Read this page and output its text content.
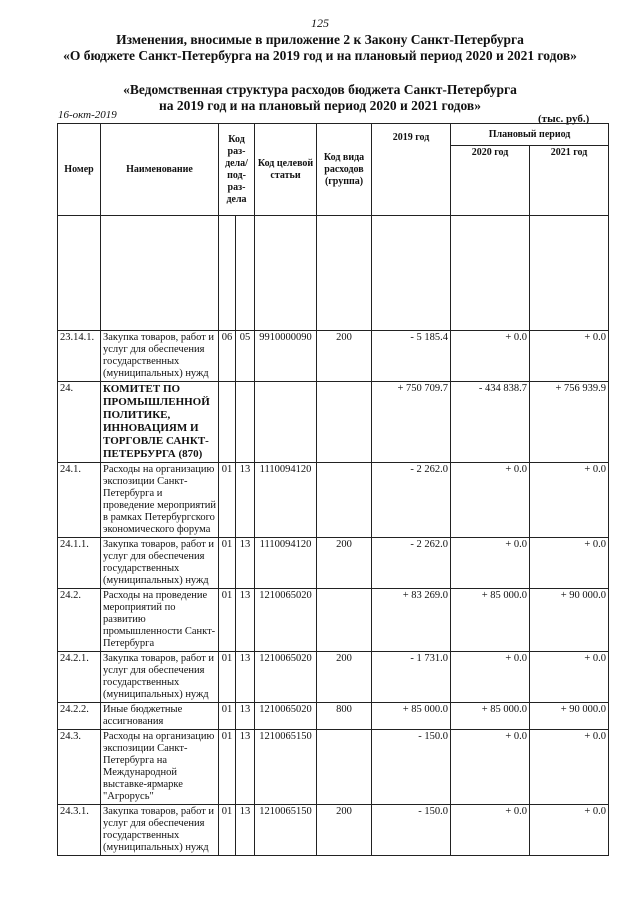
125
Изменения, вносимые в приложение 2 к Закону Санкт-Петербурга
«О бюджете Санкт-Петербурга на 2019 год и на плановый период 2020 и 2021 годов»
«Ведомственная структура расходов бюджета Санкт-Петербурга
на 2019 год и на плановый период 2020 и 2021 годов»
16-окт-2019	(тыс. руб.)
Номер	Наименование	Код раз-дела/ под-раз-дела		Код целевой статьи	Код вида расходов (группа)	2019 год	Плановый период	
							2020 год	2021 год

23.14.1.	Закупка товаров, работ и услуг для обеспечения государственных (муниципальных) нужд	06	05	9910000090	200	- 5 185.4	+ 0.0	+ 0.0
24.	КОМИТЕТ ПО ПРОМЫШЛЕННОЙ ПОЛИТИКЕ, ИННОВАЦИЯМ И ТОРГОВЛЕ САНКТ-ПЕТЕРБУРГА (870)					+ 750 709.7	- 434 838.7	+ 756 939.9
24.1.	Расходы на организацию экспозиции Санкт-Петербурга и проведение мероприятий в рамках Петербургского экономического форума	01	13	1110094120		- 2 262.0	+ 0.0	+ 0.0
24.1.1.	Закупка товаров, работ и услуг для обеспечения государственных (муниципальных) нужд	01	13	1110094120	200	- 2 262.0	+ 0.0	+ 0.0
24.2.	Расходы на проведение мероприятий по развитию промышленности Санкт-Петербурга	01	13	1210065020		+ 83 269.0	+ 85 000.0	+ 90 000.0
24.2.1.	Закупка товаров, работ и услуг для обеспечения государственных (муниципальных) нужд	01	13	1210065020	200	- 1 731.0	+ 0.0	+ 0.0
24.2.2.	Иные бюджетные ассигнования	01	13	1210065020	800	+ 85 000.0	+ 85 000.0	+ 90 000.0
24.3.	Расходы на организацию экспозиции Санкт-Петербурга на Международной выставке-ярмарке "Агрорусь"	01	13	1210065150		- 150.0	+ 0.0	+ 0.0
24.3.1.	Закупка товаров, работ и услуг для обеспечения государственных (муниципальных) нужд	01	13	1210065150	200	- 150.0	+ 0.0	+ 0.0
